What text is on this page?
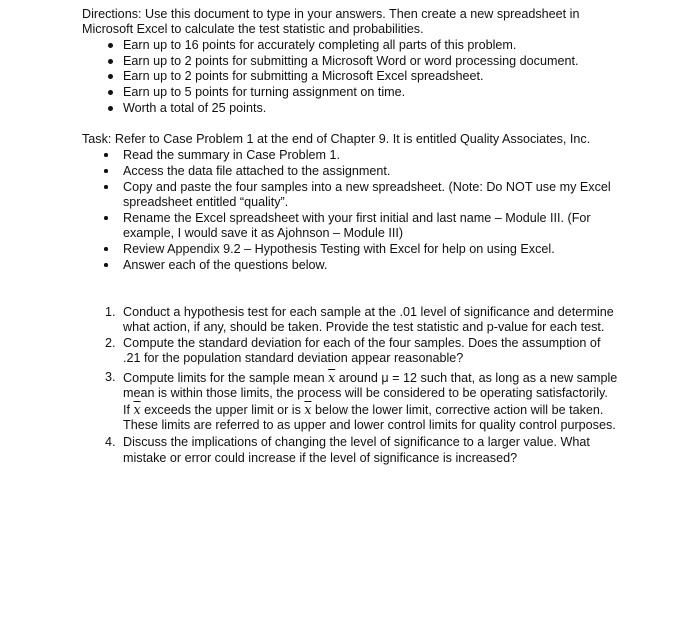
Directions: Use this document to type in your answers. Then create a new spreadsheet in
Microsoft Excel to calculate the test statistic and probabilities.
Earn up to 16 points for accurately completing all parts of this problem.
Earn up to 2 points for submitting a Microsoft Word or word processing document.
Earn up to 2 points for submitting a Microsoft Excel spreadsheet.
Earn up to 5 points for turning assignment on time.
Worth a total of 25 points.
Task: Refer to Case Problem 1 at the end of Chapter 9. It is entitled Quality Associates, Inc.
Read the summary in Case Problem 1.
Access the data file attached to the assignment.
Copy and paste the four samples into a new spreadsheet. (Note: Do NOT use my Excel
spreadsheet entitled “quality”.
Rename the Excel spreadsheet with your first initial and last name – Module III. (For
example, I would save it as Ajohnson – Module III)
Review Appendix 9.2 – Hypothesis Testing with Excel for help on using Excel.
Answer each of the questions below.
1. Conduct a hypothesis test for each sample at the .01 level of significance and determine
what action, if any, should be taken. Provide the test statistic and p-value for each test.
2. Compute the standard deviation for each of the four samples. Does the assumption of
.21 for the population standard deviation appear reasonable?
3. Compute limits for the sample mean $\overline{x}$ around μ = 12 such that, as long as a new sample
mean is within those limits, the process will be considered to be operating satisfactorily.
If $\overline{x}$ exceeds the upper limit or is $\overline{x}$ below the lower limit, corrective action will be taken.
These limits are referred to as upper and lower control limits for quality control purposes.
4. Discuss the implications of changing the level of significance to a larger value. What
mistake or error could increase if the level of significance is increased?
